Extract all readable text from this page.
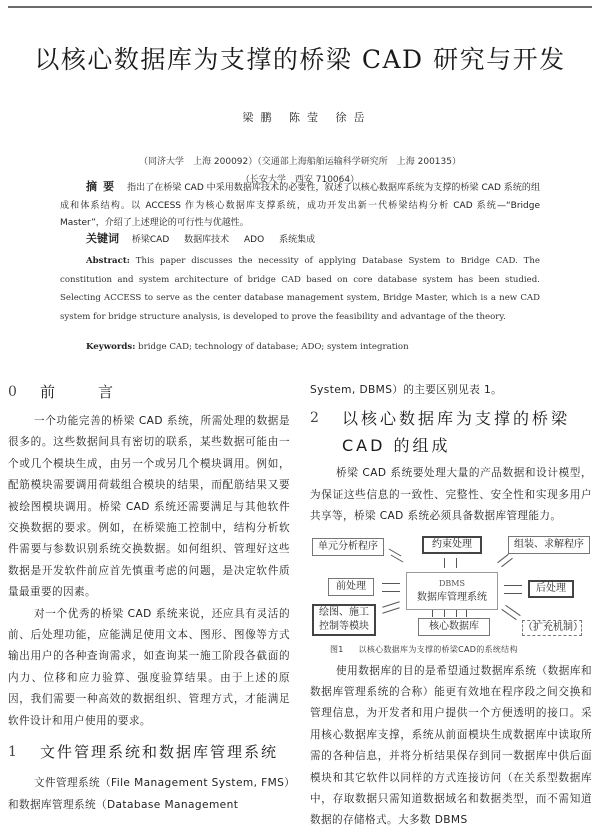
以核心数据库为支撑的桥梁 CAD 研究与开发
梁鹏 陈莹 徐岳
（同济大学　上海 200092）（交通部上海船舶运输科学研究所　上海 200135）
（长安大学　西安 710064）

摘要 指出了在桥梁 CAD 中采用数据库技术的必要性，叙述了以核心数据库系统为支撑的桥梁 CAD 系统的组成和体系结构。以 ACCESS 作为核心数据库支撑系统，成功开发出新一代桥梁结构分析 CAD 系统—“Bridge Master”，介绍了上述理论的可行性与优越性。

关键词 桥梁CAD 数据库技术 ADO 系统集成

Abstract: This paper discusses the necessity of applying Database System to Bridge CAD. The constitution and system architecture of bridge CAD based on core database system has been studied. Selecting ACCESS to serve as the center database management system, Bridge Master, which is a new CAD system for bridge structure analysis, is developed to prove the feasibility and advantage of the theory.

Keywords: bridge CAD; technology of database; ADO; system integration
0	前　言

一个功能完善的桥梁 CAD 系统，所需处理的数据是很多的。这些数据间具有密切的联系，某些数据可能由一个或几个模块生成，由另一个或另几个模块调用。例如，配筋模块需要调用荷载组合模块的结果，而配筋结果又要被绘图模块调用。桥梁 CAD 系统还需要满足与其他软件交换数据的要求。例如，在桥梁施工控制中，结构分析软件需要与参数识别系统交换数据。如何组织、管理好这些数据是开发软件前应首先慎重考虑的问题，是决定软件质量最重要的因素。

对一个优秀的桥梁 CAD 系统来说，还应具有灵活的前、后处理功能，应能满足使用文本、图形、图像等方式输出用户的各种查询需求，如查询某一施工阶段各截面的内力、位移和应力验算、强度验算结果。由于上述的原因，我们需要一种高效的数据组织、管理方式，才能满足软件设计和用户使用的要求。

1	文件管理系统和数据库管理系统

文件管理系统（File Management System, FMS）和数据库管理系统（Database Management

System, DBMS）的主要区别见表 1。

2	以核心数据库为支撑的桥梁 CAD 的组成

桥梁 CAD 系统要处理大量的产品数据和设计模型，为保证这些信息的一致性、完整性、安全性和实现多用户共享等，桥梁 CAD 系统必须具备数据库管理能力。

单元分析程序	约束处理	组装、求解程序
DBMS
数据库管理系统
前处理	后处理
绘图、施工
控制等模块	核心数据库	（扩充机制）
图1 以核心数据库为支撑的桥梁CAD的系统结构

使用数据库的目的是希望通过数据库系统（数据库和数据库管理系统的合称）能更有效地在程序段之间交换和管理信息，为开发者和用户提供一个方便透明的接口。采用核心数据库支撑，系统从前面模块生成数据库中读取所需的各种信息，并将分析结果保存到同一数据库中供后面模块和其它软件以同样的方式连接访问（在关系型数据库中，存取数据只需知道数据域名和数据类型，而不需知道数据的存储格式。大多数 DBMS
